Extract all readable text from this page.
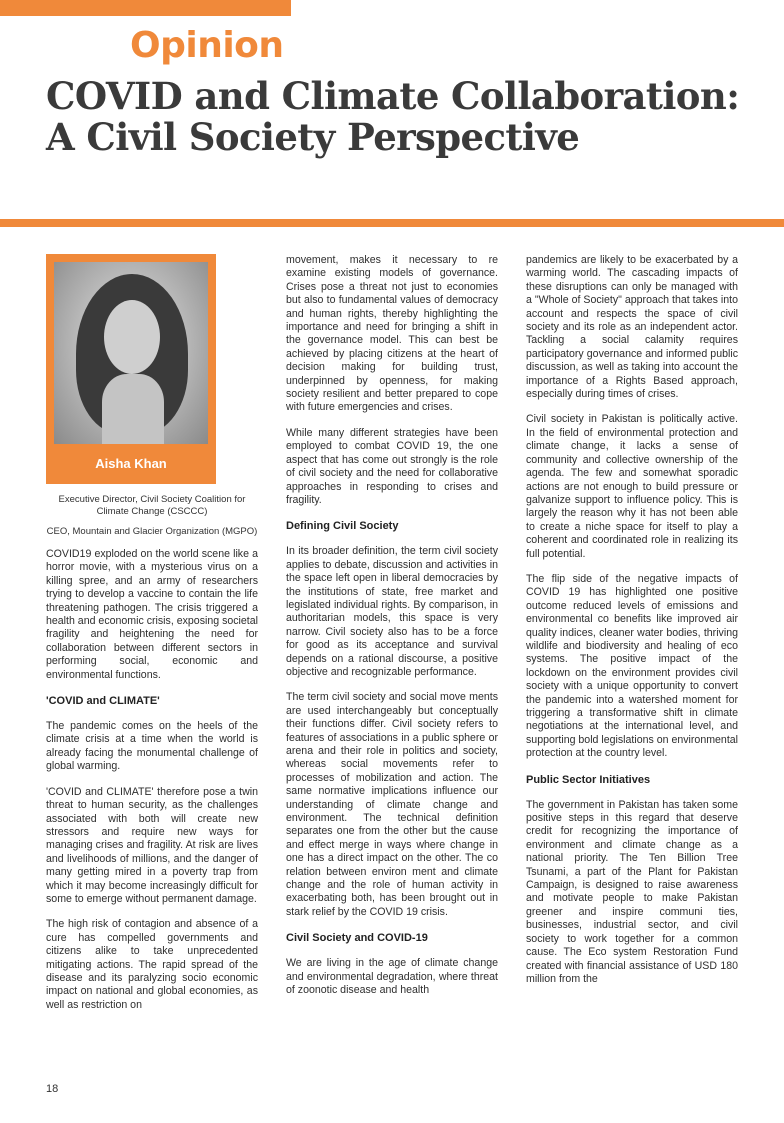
Opinion
COVID and Climate Collaboration: A Civil Society Perspective
Aisha Khan

Executive Director, Civil Society Coalition for Climate Change (CSCCC)

CEO, Mountain and Glacier Organization (MGPO)

COVID19 exploded on the world scene like a horror movie, with a mysterious virus on a killing spree, and an army of researchers trying to develop a vaccine to contain the life threatening pathogen. The crisis triggered a health and economic crisis, exposing societal fragility and heightening the need for collaboration between different sectors in performing social, economic and environmental functions.

'COVID and CLIMATE'

The pandemic comes on the heels of the climate crisis at a time when the world is already facing the monumental challenge of global warming.

'COVID and CLIMATE' therefore pose a twin threat to human security, as the challenges associated with both will create new stressors and require new ways for managing crises and fragility. At risk are lives and livelihoods of millions, and the danger of many getting mired in a poverty trap from which it may become increasingly difficult for some to emerge without permanent damage.

The high risk of contagion and absence of a cure has compelled governments and citizens alike to take unprecedented mitigating actions. The rapid spread of the disease and its paralyzing socio economic impact on national and global economies, as well as restriction on

movement, makes it necessary to re examine existing models of governance. Crises pose a threat not just to economies but also to fundamental values of democracy and human rights, thereby highlighting the importance and need for bringing a shift in the governance model. This can best be achieved by placing citizens at the heart of decision making for building trust, underpinned by openness, for making society resilient and better prepared to cope with future emergencies and crises.

While many different strategies have been employed to combat COVID 19, the one aspect that has come out strongly is the role of civil society and the need for collaborative approaches in responding to crises and fragility.

Defining Civil Society

In its broader definition, the term civil society applies to debate, discussion and activities in the space left open in liberal democracies by the institutions of state, free market and legislated individual rights. By comparison, in authoritarian models, this space is very narrow. Civil society also has to be a force for good as its acceptance and survival depends on a rational discourse, a positive objective and recognizable performance.

The term civil society and social move ments are used interchangeably but conceptually their functions differ. Civil society refers to features of associations in a public sphere or arena and their role in politics and society, whereas social movements refer to processes of mobilization and action. The same normative implications influence our understanding of climate change and environment. The technical definition separates one from the other but the cause and effect merge in ways where change in one has a direct impact on the other. The co relation between environ ment and climate change and the role of human activity in exacerbating both, has been brought out in stark relief by the COVID 19 crisis.

Civil Society and COVID-19

We are living in the age of climate change and environmental degradation, where threat of zoonotic disease and health

pandemics are likely to be exacerbated by a warming world. The cascading impacts of these disruptions can only be managed with a "Whole of Society" approach that takes into account and respects the space of civil society and its role as an independent actor. Tackling a social calamity requires participatory governance and informed public discussion, as well as taking into account the importance of a Rights Based approach, especially during times of crises.

Civil society in Pakistan is politically active. In the field of environmental protection and climate change, it lacks a sense of community and collective ownership of the agenda. The few and somewhat sporadic actions are not enough to build pressure or galvanize support to influence policy. This is largely the reason why it has not been able to create a niche space for itself to play a coherent and coordinated role in realizing its full potential.

The flip side of the negative impacts of COVID 19 has highlighted one positive outcome reduced levels of emissions and environmental co benefits like improved air quality indices, cleaner water bodies, thriving wildlife and biodiversity and healing of eco systems. The positive impact of the lockdown on the environment provides civil society with a unique opportunity to convert the pandemic into a watershed moment for triggering a transformative shift in climate negotiations at the international level, and supporting bold legislations on environmental protection at the country level.

Public Sector Initiatives

The government in Pakistan has taken some positive steps in this regard that deserve credit for recognizing the importance of environment and climate change as a national priority. The Ten Billion Tree Tsunami, a part of the Plant for Pakistan Campaign, is designed to raise awareness and motivate people to make Pakistan greener and inspire communi ties, businesses, industrial sector, and civil society to work together for a common cause. The Eco system Restoration Fund created with financial assistance of USD 180 million from the

18
